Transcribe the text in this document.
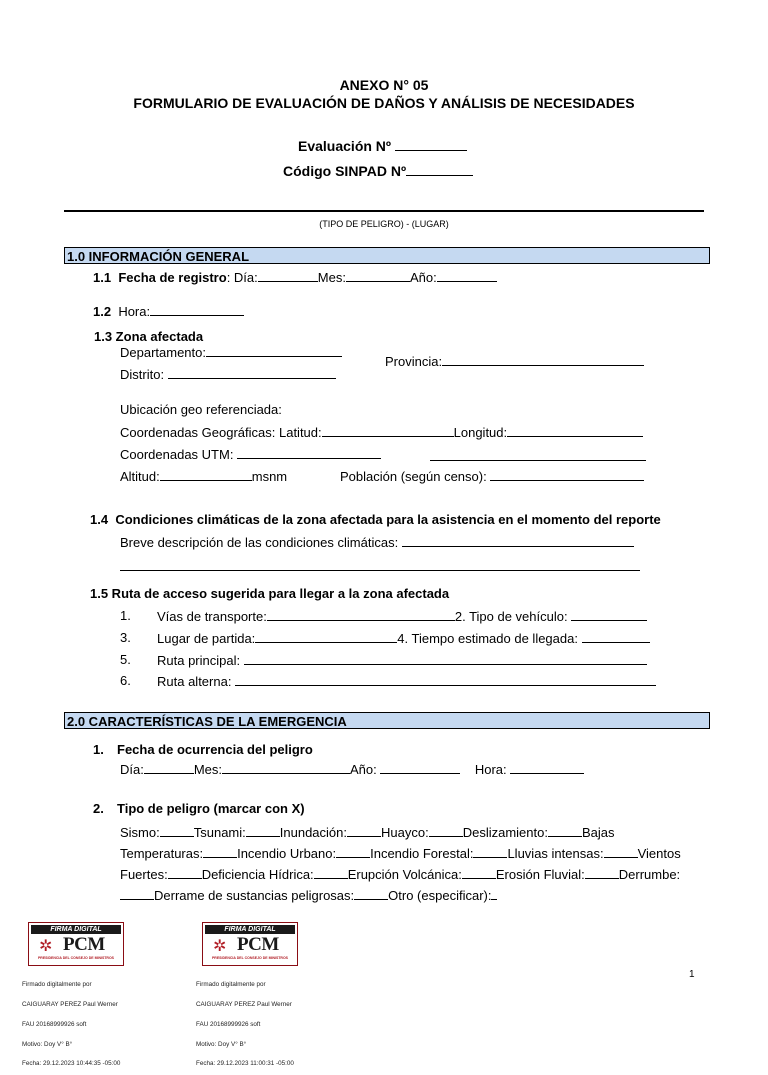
ANEXO N° 05
FORMULARIO DE EVALUACIÓN DE DAÑOS Y ANÁLISIS DE NECESIDADES
Evaluación Nº
Código SINPAD Nº
(TIPO DE PELIGRO) - (LUGAR)
1.0 INFORMACIÓN GENERAL
1.1 Fecha de registro: Día:	Mes:	Año:
1.2 Hora:
1.3 Zona afectada
Departamento:
Provincia:
Distrito:
Ubicación geo referenciada:
Coordenadas Geográficas: Latitud:	Longitud:
Coordenadas UTM:
Altitud:	msnm	Población (según censo):
1.4 Condiciones climáticas de la zona afectada para la asistencia en el momento del reporte
Breve descripción de las condiciones climáticas:
1.5 Ruta de acceso sugerida para llegar a la zona afectada
1. Vías de transporte:	2. Tipo de vehículo:
3. Lugar de partida:	4. Tiempo estimado de llegada:
5. Ruta principal:
6. Ruta alterna:
2.0 CARACTERÍSTICAS DE LA EMERGENCIA
1. Fecha de ocurrencia del peligro
Día:	Mes:	Año:	Hora:
2. Tipo de peligro (marcar con X)
Sismo:	Tsunami:	Inundación:	Huayco:	Deslizamiento:	Bajas
Temperaturas:	Incendio Urbano:	Incendio Forestal:	Lluvias intensas:	Vientos
Fuertes:	Deficiencia Hídrica:	Erupción Volcánica:	Erosión Fluvial:	Derrumbe:
Derrame de sustancias peligrosas:	Otro (especificar):
FIRMA DIGITAL
✲ PCM
PRESIDENCIA DEL CONSEJO DE MINISTROS

Firmado digitalmente por

CAIGUARAY PEREZ Paul Werner

FAU 20168999926 soft

Motivo: Doy V° B°

Fecha: 29.12.2023 10:44:35 -05:00

FIRMA DIGITAL
✲ PCM
PRESIDENCIA DEL CONSEJO DE MINISTROS

Firmado digitalmente por

CAIGUARAY PEREZ Paul Werner

FAU 20168999926 soft

Motivo: Doy V° B°

Fecha: 29.12.2023 11:00:31 -05:00

1
